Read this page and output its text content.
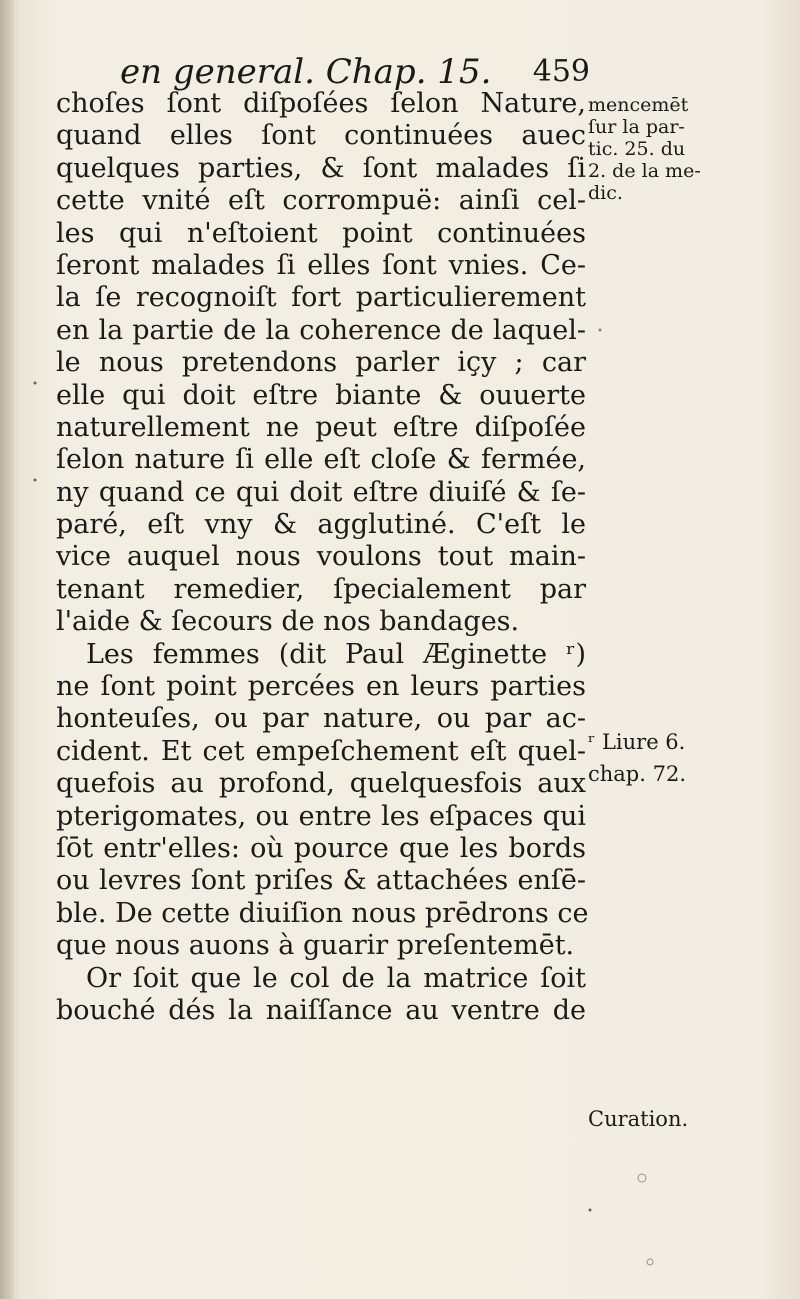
en general. Chap. 15. 459
choſes ſont diſpoſées ſelon Nature,
quand elles ſont continuées auec
quelques parties, & ſont malades ſi
cette vnité eſt corrompuë: ainſi cel-
les qui n'eſtoient point continuées
ſeront malades ſi elles ſont vnies. Ce-
la ſe recognoiſt fort particulierement
en la partie de la coherence de laquel-
le nous pretendons parler içy ; car
elle qui doit eſtre biante & ouuerte
naturellement ne peut eſtre diſpoſée
ſelon nature ſi elle eſt cloſe & fermée,
ny quand ce qui doit eſtre diuiſé & ſe-
paré, eſt vny & agglutiné. C'eſt le
vice auquel nous voulons tout main-
tenant remedier, ſpecialement par
l'aide & ſecours de nos bandages.
Les femmes (dit Paul Æginette ʳ)
ne ſont point percées en leurs parties
honteuſes, ou par nature, ou par ac-
cident. Et cet empeſchement eſt quel-
quefois au profond, quelquesfois aux
pterigomates, ou entre les eſpaces qui
ſōt entr'elles: où pource que les bords
ou levres ſont priſes & attachées enſē-
ble. De cette diuiſion nous prēdrons ce
que nous auons à guarir preſentemēt.
Or ſoit que le col de la matrice ſoit
bouché dés la naiſſance au ventre de
mencemēt
ſur la par-
tic. 25. du
2. de la me-
dic.
ʳ Liure 6.
chap. 72.
Curation.
